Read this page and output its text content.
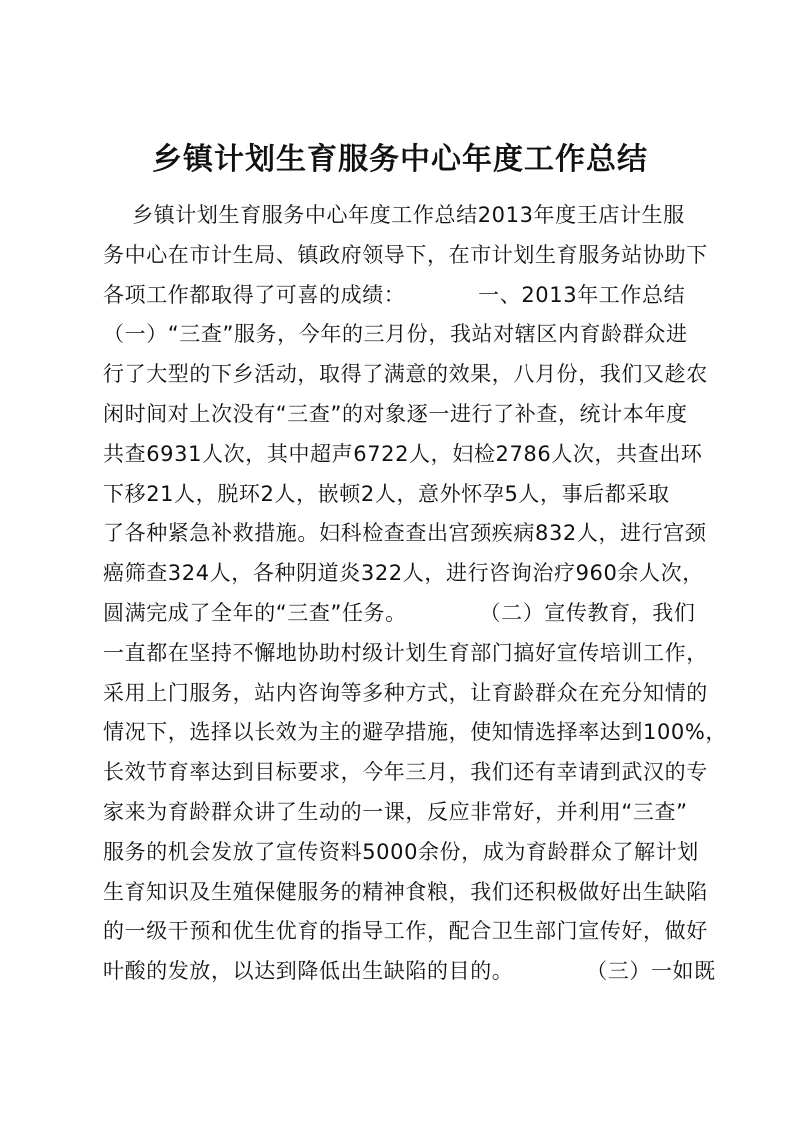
乡镇计划生育服务中心年度工作总结
乡镇计划生育服务中心年度工作总结2013年度王店计生服
务中心在市计生局、镇政府领导下，在市计划生育服务站协助下
各项工作都取得了可喜的成绩：          一、2013年工作总结
（一）“三查”服务，今年的三月份，我站对辖区内育龄群众进
行了大型的下乡活动，取得了满意的效果，八月份，我们又趁农
闲时间对上次没有“三查”的对象逐一进行了补查，统计本年度
共查6931人次，其中超声6722人，妇检2786人次，共查出环
下移21人，脱环2人，嵌顿2人，意外怀孕5人，事后都采取
了各种紧急补救措施。妇科检查查出宫颈疾病832人，进行宫颈
癌筛查324人，各种阴道炎322人，进行咨询治疗960余人次，
圆满完成了全年的“三查”任务。          （二）宣传教育，我们
一直都在坚持不懈地协助村级计划生育部门搞好宣传培训工作，
采用上门服务，站内咨询等多种方式，让育龄群众在充分知情的
情况下，选择以长效为主的避孕措施，使知情选择率达到100%，
长效节育率达到目标要求，今年三月，我们还有幸请到武汉的专
家来为育龄群众讲了生动的一课，反应非常好，并利用“三查”
服务的机会发放了宣传资料5000余份，成为育龄群众了解计划
生育知识及生殖保健服务的精神食粮，我们还积极做好出生缺陷
的一级干预和优生优育的指导工作，配合卫生部门宣传好，做好
叶酸的发放，以达到降低出生缺陷的目的。          （三）一如既
